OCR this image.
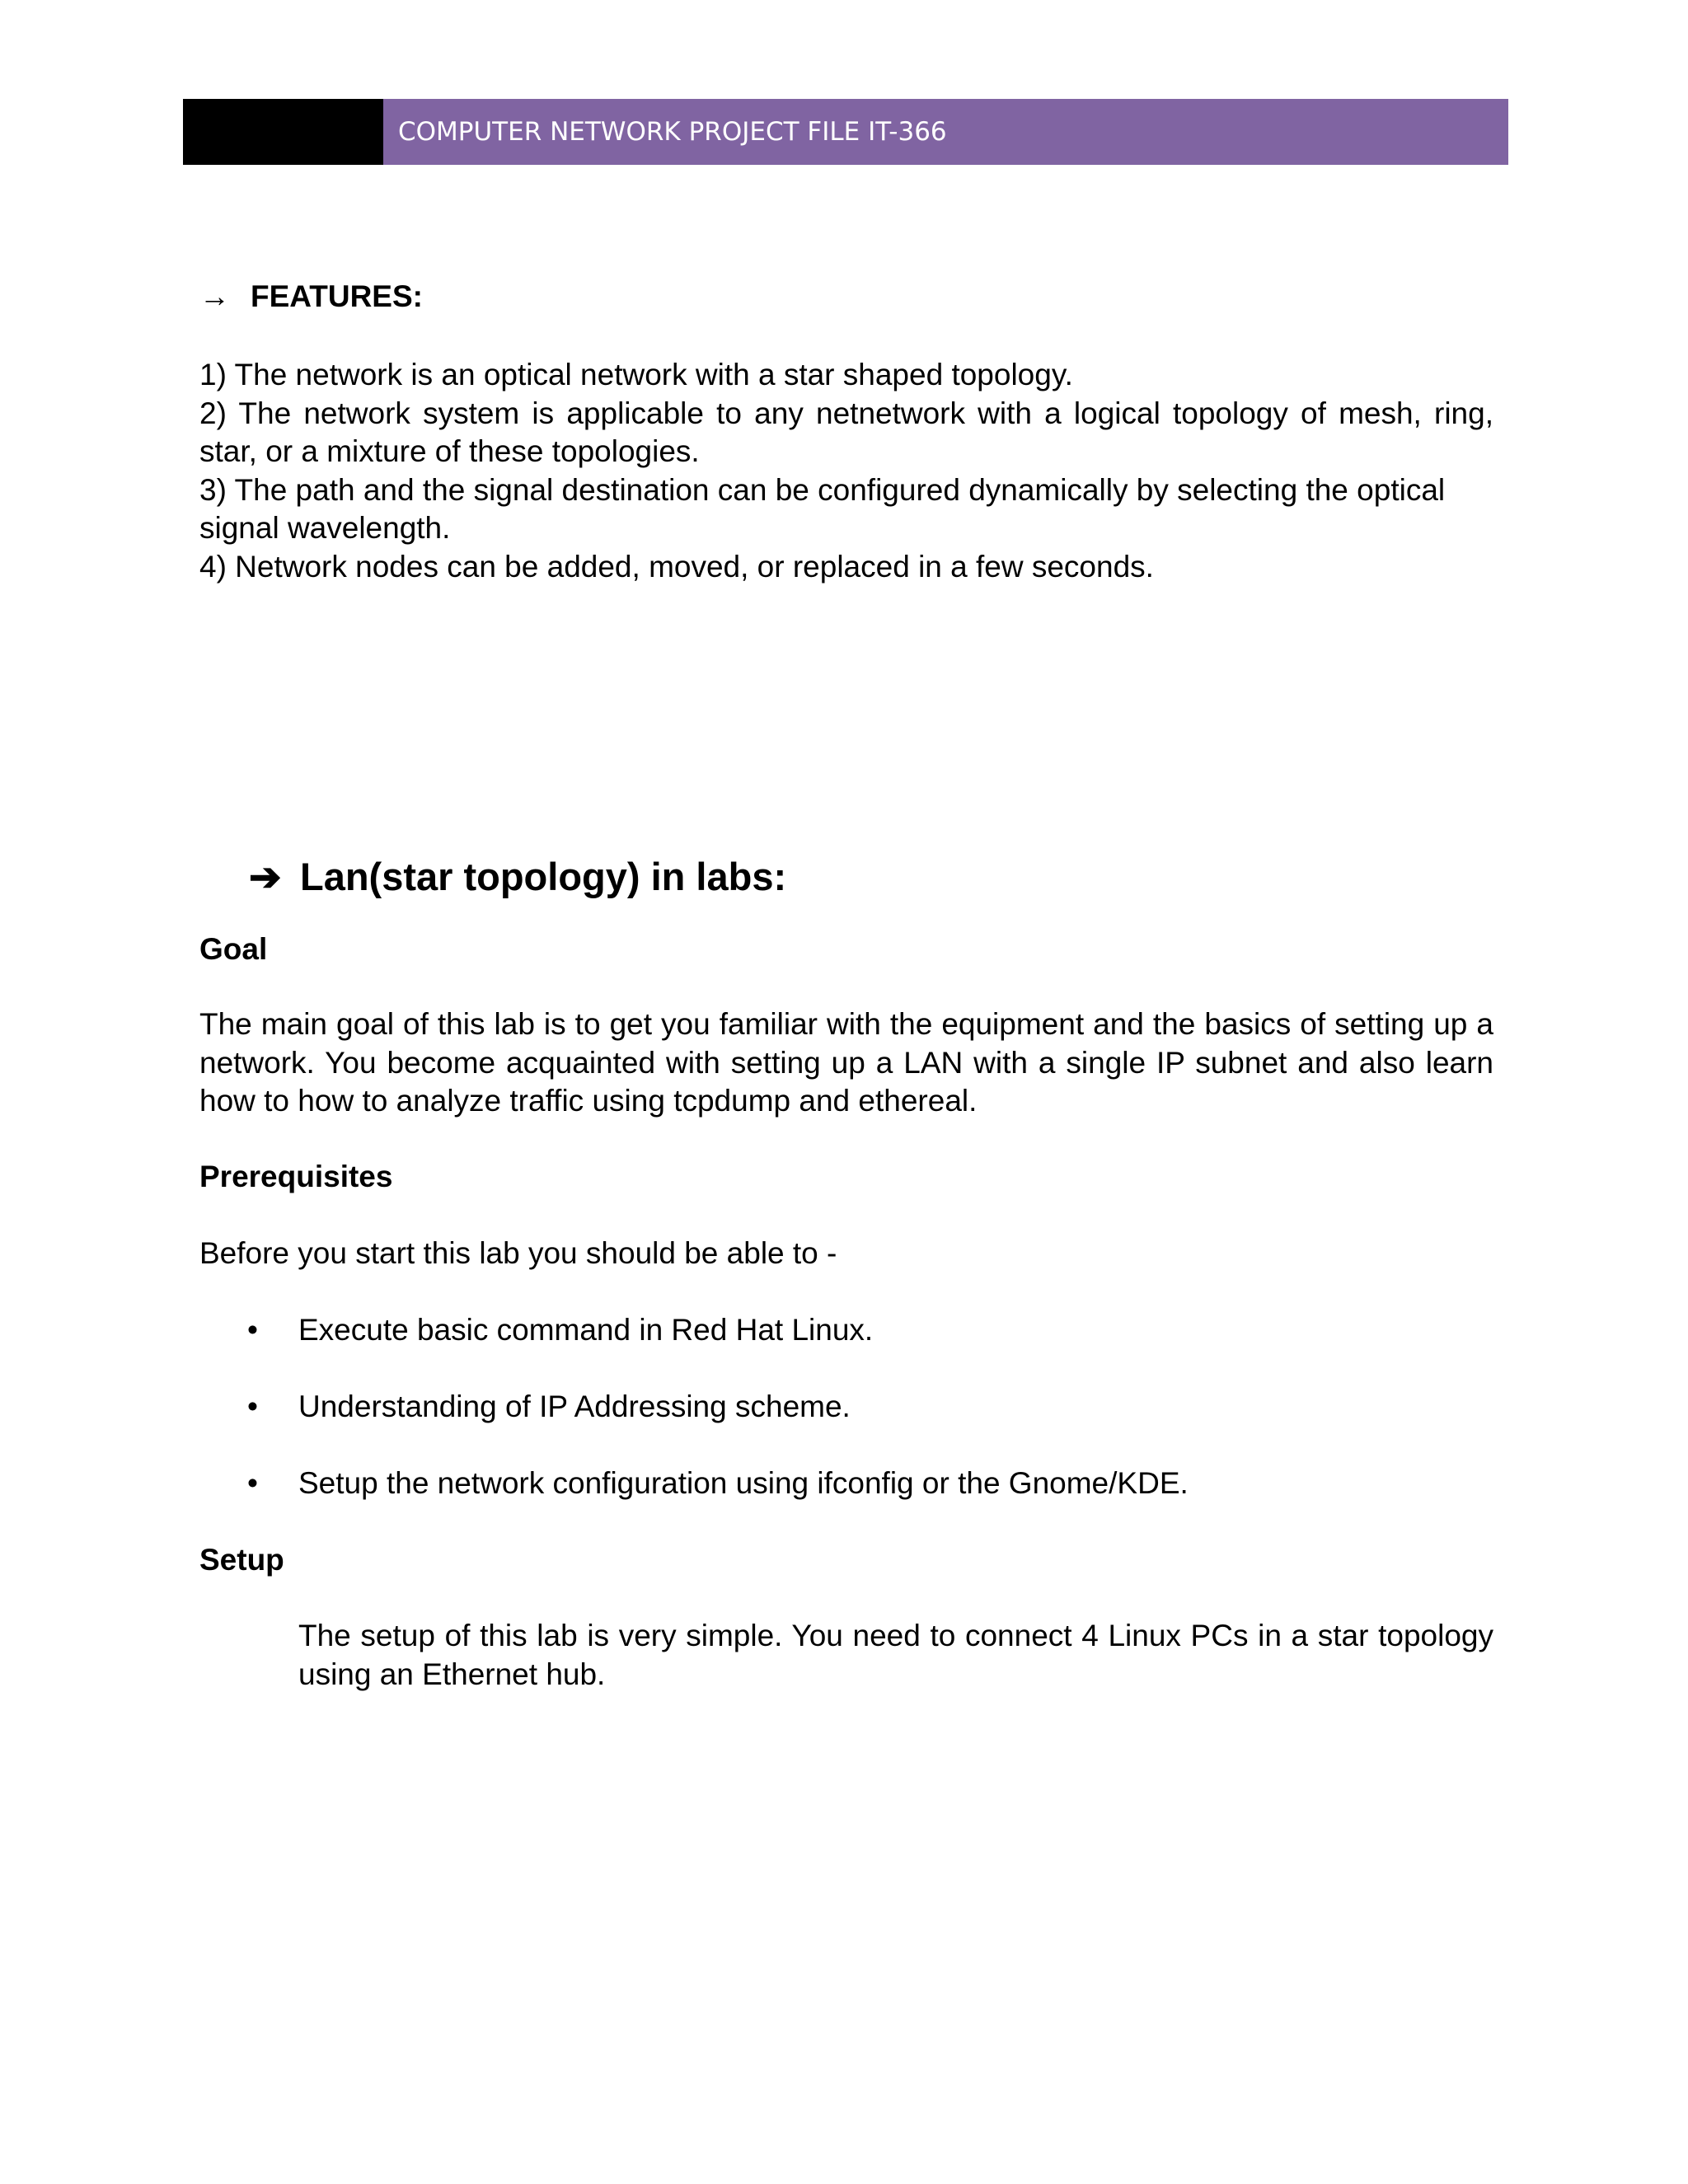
COMPUTER NETWORK PROJECT FILE IT-366
→ FEATURES:

1) The network is an optical network with a star shaped topology.

2) The network system is applicable to any netnetwork with a logical topology of mesh, ring, star, or a mixture of these topologies.

3) The path and the signal destination can be configured dynamically by selecting the optical

signal wavelength.

4) Network nodes can be added, moved, or replaced in a few seconds.

➔ Lan(star topology) in labs:
Goal

The main goal of this lab is to get you familiar with the equipment and the basics of setting up a network. You become acquainted with setting up a LAN with a single IP subnet and also learn how to how to analyze traffic using tcpdump and ethereal.

Prerequisites
Before you start this lab you should be able to -
• Execute basic command in Red Hat Linux.
• Understanding of IP Addressing scheme.
• Setup the network configuration using ifconfig or the Gnome/KDE.
Setup

The setup of this lab is very simple. You need to connect 4 Linux PCs in a star topology using an Ethernet hub.
